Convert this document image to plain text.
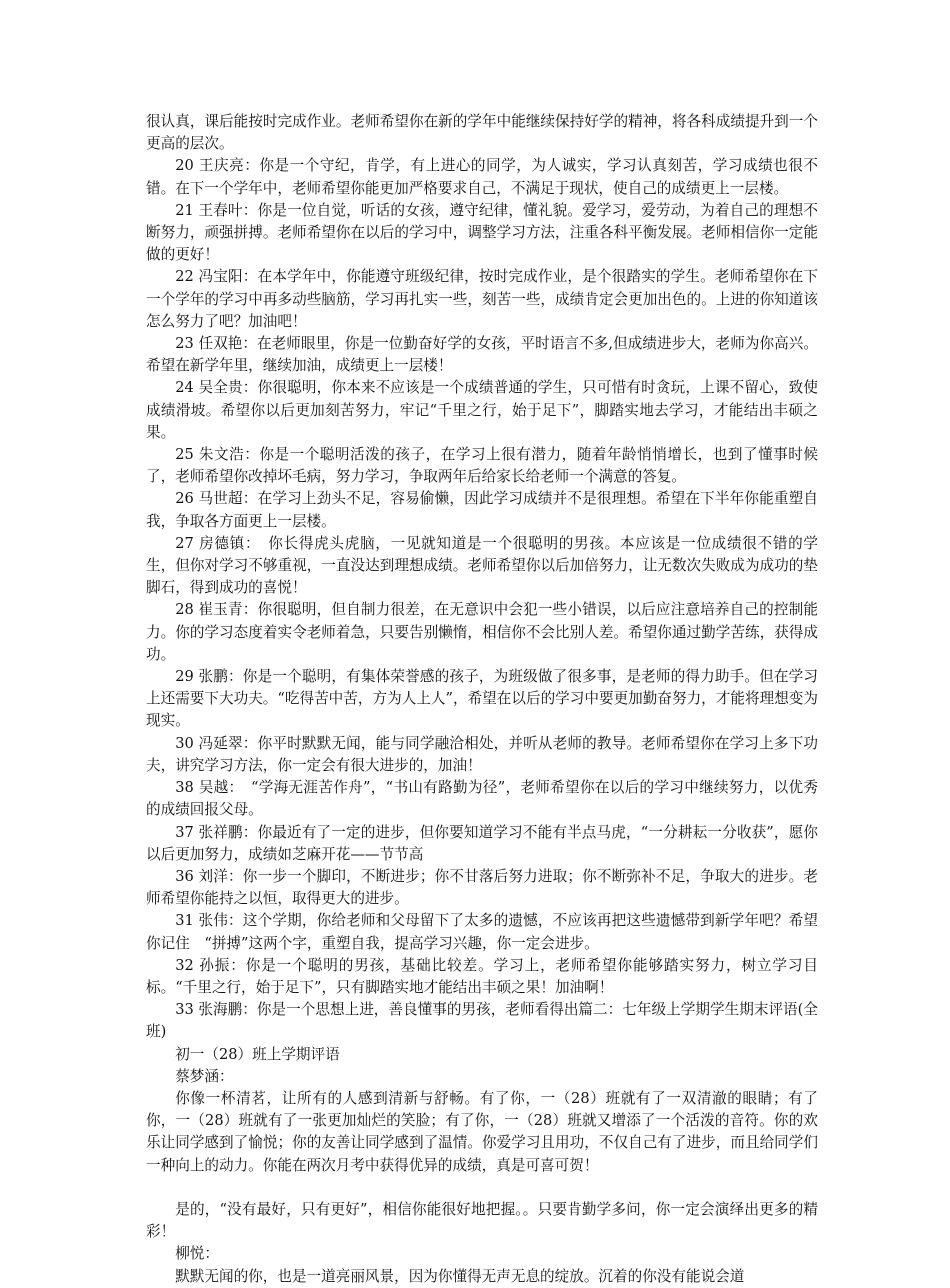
很认真，课后能按时完成作业。老师希望你在新的学年中能继续保持好学的精神，将各科成绩提升到一个更高的层次。

20 王庆亮：你是一个守纪，肯学，有上进心的同学，为人诚实，学习认真刻苦，学习成绩也很不错。在下一个学年中，老师希望你能更加严格要求自己，不满足于现状，使自己的成绩更上一层楼。

21 王春叶：你是一位自觉，听话的女孩，遵守纪律，懂礼貌。爱学习，爱劳动，为着自己的理想不断努力，顽强拼搏。老师希望你在以后的学习中，调整学习方法，注重各科平衡发展。老师相信你一定能做的更好！

22 冯宝阳：在本学年中，你能遵守班级纪律，按时完成作业，是个很踏实的学生。老师希望你在下一个学年的学习中再多动些脑筋，学习再扎实一些，刻苦一些，成绩肯定会更加出色的。上进的你知道该怎么努力了吧？加油吧！

23 任双艳：在老师眼里，你是一位勤奋好学的女孩，平时语言不多,但成绩进步大，老师为你高兴。希望在新学年里，继续加油，成绩更上一层楼！

24 吴全贵：你很聪明，你本来不应该是一个成绩普通的学生，只可惜有时贪玩，上课不留心，致使成绩滑坡。希望你以后更加刻苦努力，牢记“千里之行，始于足下”，脚踏实地去学习，才能结出丰硕之果。

25 朱文浩：你是一个聪明活泼的孩子，在学习上很有潜力，随着年龄悄悄增长，也到了懂事时候了，老师希望你改掉坏毛病，努力学习，争取两年后给家长给老师一个满意的答复。

26 马世超：在学习上劲头不足，容易偷懒，因此学习成绩并不是很理想。希望在下半年你能重塑自我，争取各方面更上一层楼。

27 房德镇：　你长得虎头虎脑，一见就知道是一个很聪明的男孩。本应该是一位成绩很不错的学生，但你对学习不够重视，一直没达到理想成绩。老师希望你以后加倍努力，让无数次失败成为成功的垫脚石，得到成功的喜悦！

28 崔玉青：你很聪明，但自制力很差，在无意识中会犯一些小错误，以后应注意培养自己的控制能力。你的学习态度着实令老师着急，只要告别懒惰，相信你不会比别人差。希望你通过勤学苦练，获得成功。

29 张鹏：你是一个聪明，有集体荣誉感的孩子，为班级做了很多事，是老师的得力助手。但在学习上还需要下大功夫。“吃得苦中苦，方为人上人”，希望在以后的学习中要更加勤奋努力，才能将理想变为现实。

30 冯延翠：你平时默默无闻，能与同学融洽相处，并听从老师的教导。老师希望你在学习上多下功夫，讲究学习方法，你一定会有很大进步的，加油！

38 吴越：　“学海无涯苦作舟”，“书山有路勤为径”，老师希望你在以后的学习中继续努力，以优秀的成绩回报父母。

37 张祥鹏：你最近有了一定的进步，但你要知道学习不能有半点马虎，“一分耕耘一分收获”，愿你以后更加努力，成绩如芝麻开花——节节高

36 刘洋：你一步一个脚印，不断进步；你不甘落后努力进取；你不断弥补不足，争取大的进步。老师希望你能持之以恒，取得更大的进步。

31 张伟：这个学期，你给老师和父母留下了太多的遗憾，不应该再把这些遗憾带到新学年吧？希望你记住　“拼搏”这两个字，重塑自我，提高学习兴趣，你一定会进步。

32 孙振：你是一个聪明的男孩，基础比较差。学习上，老师希望你能够踏实努力，树立学习目标。“千里之行，始于足下”，只有脚踏实地才能结出丰硕之果！加油啊！

33 张海鹏：你是一个思想上进，善良懂事的男孩，老师看得出篇二：七年级上学期学生期末评语(全班)

初一（28）班上学期评语

蔡梦涵：

你像一杯清茗，让所有的人感到清新与舒畅。有了你，一（28）班就有了一双清澈的眼睛；有了你，一（28）班就有了一张更加灿烂的笑脸；有了你，一（28）班就又增添了一个活泼的音符。你的欢乐让同学感到了愉悦；你的友善让同学感到了温情。你爱学习且用功，不仅自己有了进步，而且给同学们一种向上的动力。你能在两次月考中获得优异的成绩，真是可喜可贺！

是的，“没有最好，只有更好”，相信你能很好地把握。。只要肯勤学多问，你一定会演绎出更多的精彩！

柳悦：

默默无闻的你，也是一道亮丽风景，因为你懂得无声无息的绽放。沉着的你没有能说会道
